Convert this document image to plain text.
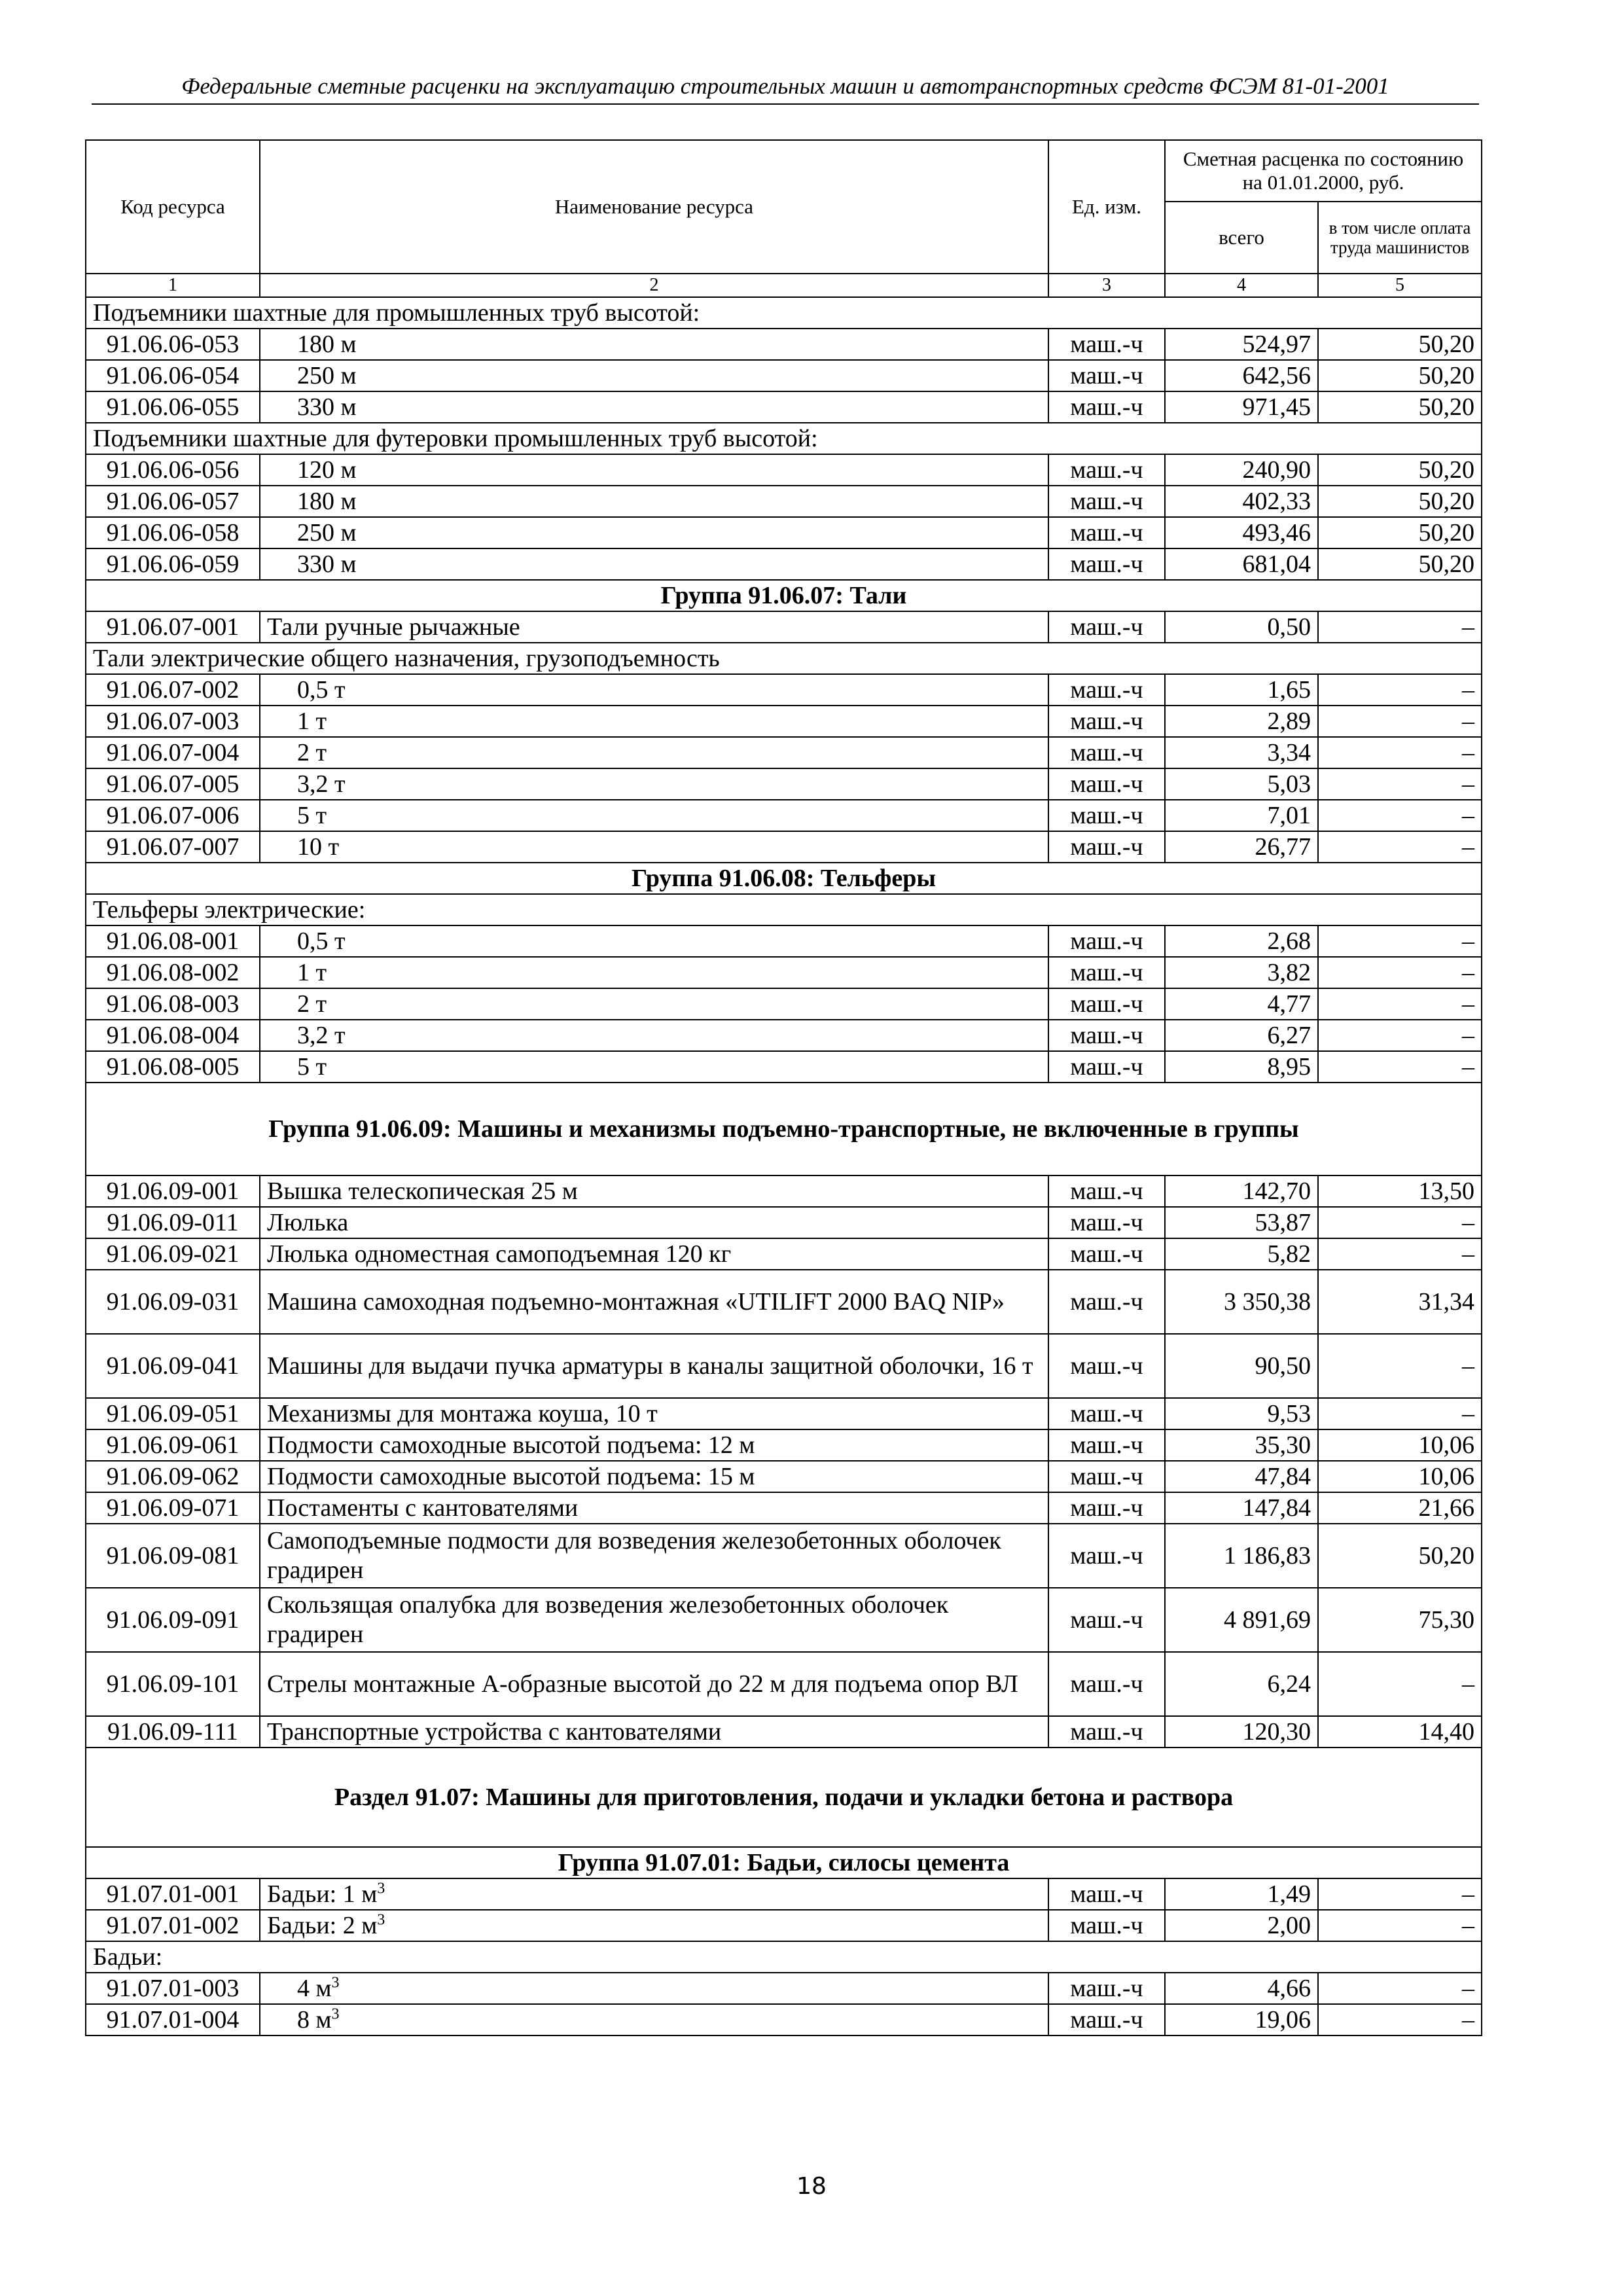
Федеральные сметные расценки на эксплуатацию строительных машин и автотранспортных средств ФСЭМ 81-01-2001
Код ресурса	Наименование ресурса	Ед. изм.	Сметная расценка по состоянию на 01.01.2000, руб.	
			всего	в том числе оплата труда машинистов
1	2	3	4	5
Подъемники шахтные для промышленных труб высотой:				
91.06.06-053	180 м	маш.-ч	524,97	50,20
91.06.06-054	250 м	маш.-ч	642,56	50,20
91.06.06-055	330 м	маш.-ч	971,45	50,20
Подъемники шахтные для футеровки промышленных труб высотой:				
91.06.06-056	120 м	маш.-ч	240,90	50,20
91.06.06-057	180 м	маш.-ч	402,33	50,20
91.06.06-058	250 м	маш.-ч	493,46	50,20
91.06.06-059	330 м	маш.-ч	681,04	50,20
Группа 91.06.07: Тали				
91.06.07-001	Тали ручные рычажные	маш.-ч	0,50	–
Тали электрические общего назначения, грузоподъемность				
91.06.07-002	0,5 т	маш.-ч	1,65	–
91.06.07-003	1 т	маш.-ч	2,89	–
91.06.07-004	2 т	маш.-ч	3,34	–
91.06.07-005	3,2 т	маш.-ч	5,03	–
91.06.07-006	5 т	маш.-ч	7,01	–
91.06.07-007	10 т	маш.-ч	26,77	–
Группа 91.06.08: Тельферы				
Тельферы электрические:				
91.06.08-001	0,5 т	маш.-ч	2,68	–
91.06.08-002	1 т	маш.-ч	3,82	–
91.06.08-003	2 т	маш.-ч	4,77	–
91.06.08-004	3,2 т	маш.-ч	6,27	–
91.06.08-005	5 т	маш.-ч	8,95	–
Группа 91.06.09: Машины и механизмы подъемно-транспортные, не включенные в группы				
91.06.09-001	Вышка телескопическая 25 м	маш.-ч	142,70	13,50
91.06.09-011	Люлька	маш.-ч	53,87	–
91.06.09-021	Люлька одноместная самоподъемная 120 кг	маш.-ч	5,82	–
91.06.09-031	Машина самоходная подъемно-монтажная «UTILIFT 2000 BAQ NIP»	маш.-ч	3 350,38	31,34
91.06.09-041	Машины для выдачи пучка арматуры в каналы защитной оболочки, 16 т	маш.-ч	90,50	–
91.06.09-051	Механизмы для монтажа коуша, 10 т	маш.-ч	9,53	–
91.06.09-061	Подмости самоходные высотой подъема: 12 м	маш.-ч	35,30	10,06
91.06.09-062	Подмости самоходные высотой подъема: 15 м	маш.-ч	47,84	10,06
91.06.09-071	Постаменты с кантователями	маш.-ч	147,84	21,66
91.06.09-081	Самоподъемные подмости для возведения железобетонных оболочек градирен	маш.-ч	1 186,83	50,20
91.06.09-091	Скользящая опалубка для возведения железобетонных оболочек градирен	маш.-ч	4 891,69	75,30
91.06.09-101	Стрелы монтажные А-образные высотой до 22 м для подъема опор ВЛ	маш.-ч	6,24	–
91.06.09-111	Транспортные устройства с кантователями	маш.-ч	120,30	14,40
Раздел 91.07: Машины для приготовления, подачи и укладки бетона и раствора				
Группа 91.07.01: Бадьи, силосы цемента				
91.07.01-001	Бадьи: 1 $м^3$	маш.-ч	1,49	–
91.07.01-002	Бадьи: 2 $м^3$	маш.-ч	2,00	–
Бадьи:				
91.07.01-003	4 $м^3$	маш.-ч	4,66	–
91.07.01-004	8 $м^3$	маш.-ч	19,06	–
18
